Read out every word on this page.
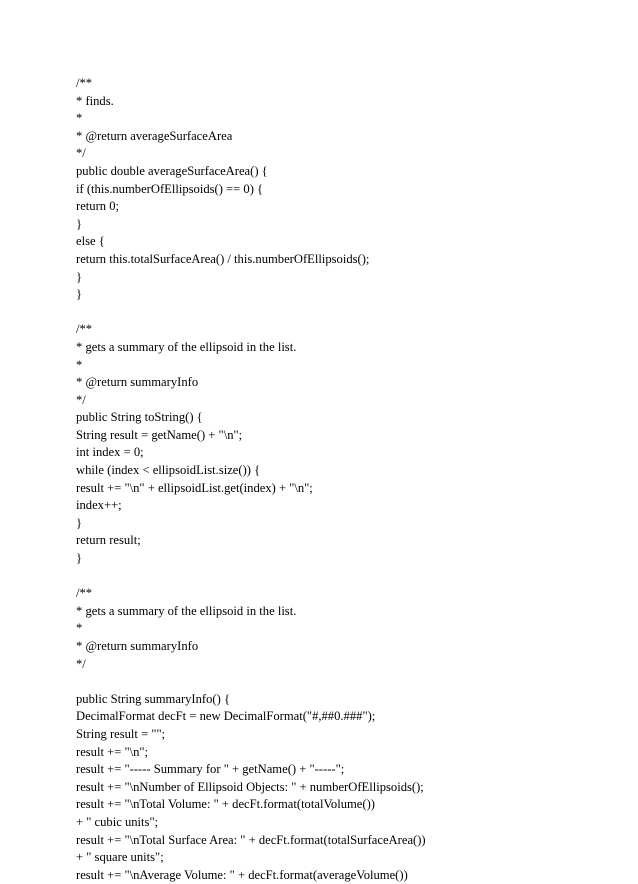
/**
* finds.
*
* @return averageSurfaceArea
*/
public double averageSurfaceArea() {
if (this.numberOfEllipsoids() == 0) {
return 0;
}
else {
return this.totalSurfaceArea() / this.numberOfEllipsoids();
}
}
/**
* gets a summary of the ellipsoid in the list.
*
* @return summaryInfo
*/
public String toString() {
String result = getName() + "\n";
int index = 0;
while (index < ellipsoidList.size()) {
result += "\n" + ellipsoidList.get(index) + "\n";
index++;
}
return result;
}
/**
* gets a summary of the ellipsoid in the list.
*
* @return summaryInfo
*/
public String summaryInfo() {
DecimalFormat decFt = new DecimalFormat("#,##0.###");
String result = "";
result += "\n";
result += "----- Summary for " + getName() + "-----";
result += "\nNumber of Ellipsoid Objects: " + numberOfEllipsoids();
result += "\nTotal Volume: " + decFt.format(totalVolume())
+ " cubic units";
result += "\nTotal Surface Area: " + decFt.format(totalSurfaceArea())
+ " square units";
result += "\nAverage Volume: " + decFt.format(averageVolume())
